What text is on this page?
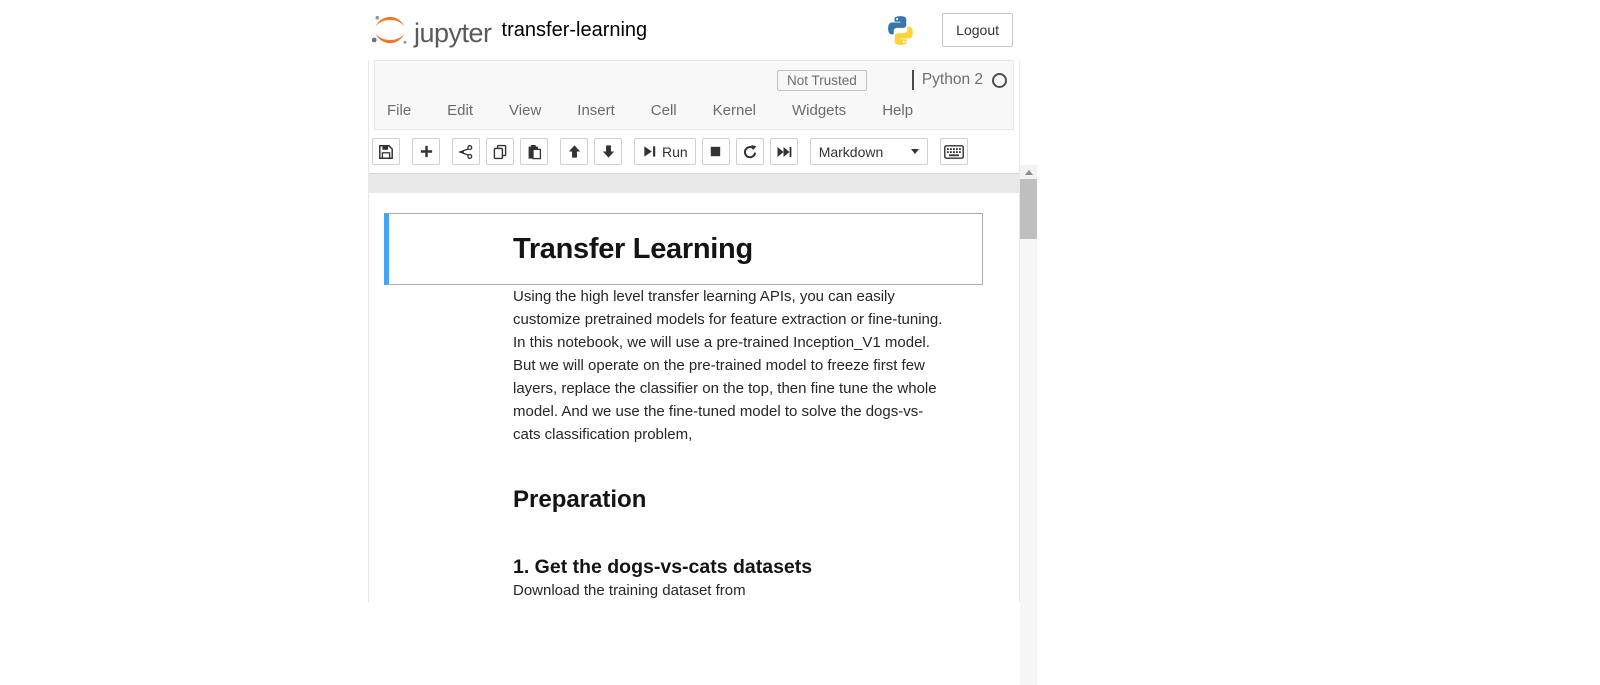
jupyter transfer-learning	Logout
Not Trusted	Python 2
File Edit View Insert Cell Kernel Widgets Help
Run	Markdown
Transfer Learning

Using the high level transfer learning APIs, you can easily customize pretrained models for feature extraction or fine-tuning.

In this notebook, we will use a pre-trained Inception_V1 model. But we will operate on the pre-trained model to freeze first few layers, replace the classifier on the top, then fine tune the whole model. And we use the fine-tuned model to solve the dogs-vs-cats classification problem,

Preparation
1. Get the dogs-vs-cats datasets

Download the training dataset from
